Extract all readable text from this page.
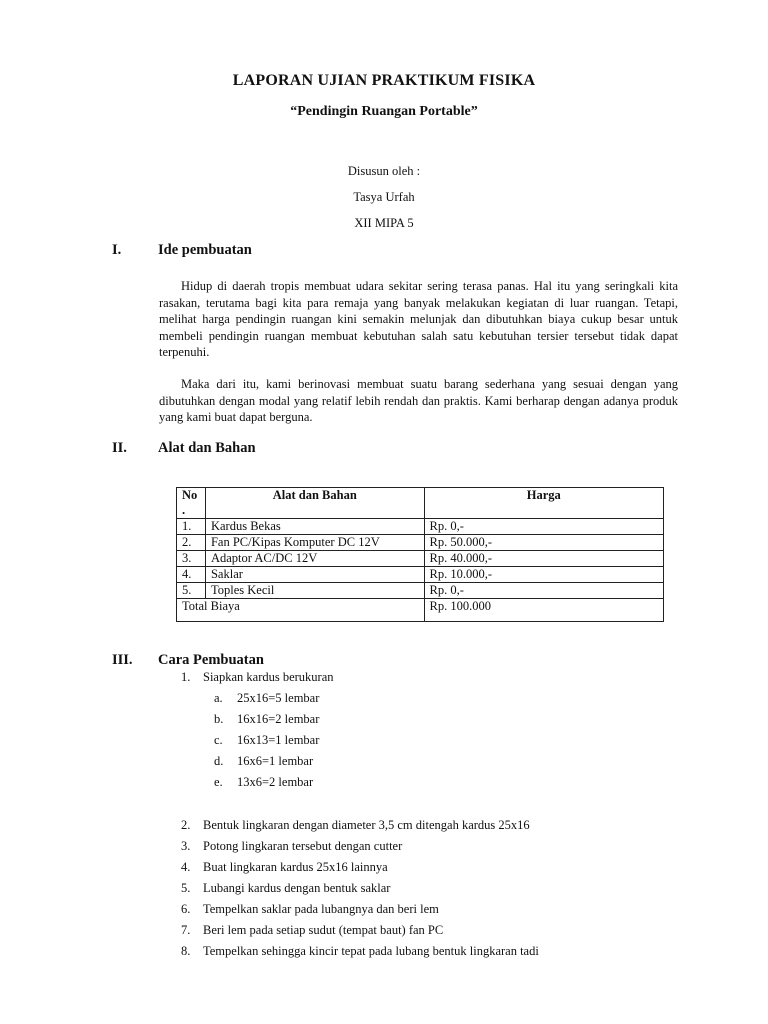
LAPORAN UJIAN PRAKTIKUM FISIKA
“Pendingin Ruangan Portable”
Disusun oleh :
Tasya Urfah
XII MIPA 5
I.	Ide pembuatan

Hidup di daerah tropis membuat udara sekitar sering terasa panas. Hal itu yang seringkali kita rasakan, terutama bagi kita para remaja yang banyak melakukan kegiatan di luar ruangan. Tetapi, melihat harga pendingin ruangan kini semakin melunjak dan dibutuhkan biaya cukup besar untuk membeli pendingin ruangan membuat kebutuhan salah satu kebutuhan tersier tersebut tidak dapat terpenuhi.

Maka dari itu, kami berinovasi membuat suatu barang sederhana yang sesuai dengan yang dibutuhkan dengan modal yang relatif lebih rendah dan praktis. Kami berharap dengan adanya produk yang kami buat dapat berguna.

II. Alat dan Bahan
No .	Alat dan Bahan	Harga
1.	Kardus Bekas	Rp. 0,-
2.	Fan PC/Kipas Komputer DC 12V	Rp. 50.000,-
3.	Adaptor AC/DC 12V	Rp. 40.000,-
4.	Saklar	Rp. 10.000,-
5.	Toples Kecil	Rp. 0,-
Total Biaya		Rp. 100.000
III. Cara Pembuatan
1. Siapkan kardus berukuran
a. 25x16=5 lembar
b. 16x16=2 lembar
c. 16x13=1 lembar
d. 16x6=1 lembar
e. 13x6=2 lembar
2. Bentuk lingkaran dengan diameter 3,5 cm ditengah kardus 25x16
3. Potong lingkaran tersebut dengan cutter
4. Buat lingkaran kardus 25x16 lainnya
5. Lubangi kardus dengan bentuk saklar
6. Tempelkan saklar pada lubangnya dan beri lem
7. Beri lem pada setiap sudut (tempat baut) fan PC
8. Tempelkan sehingga kincir tepat pada lubang bentuk lingkaran tadi
